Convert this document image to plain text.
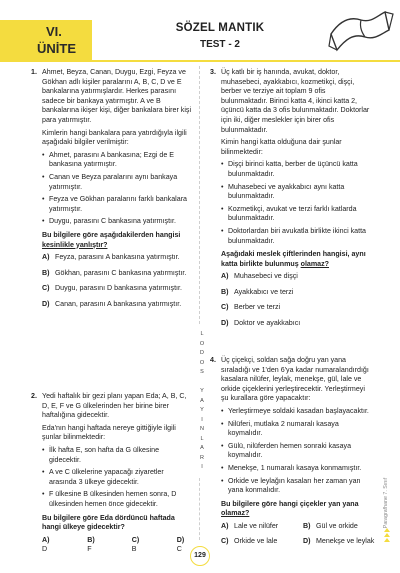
VI.
ÜNİTE
SÖZEL MANTIK
TEST - 2
1. Ahmet, Beyza, Canan, Duygu, Ezgi, Feyza ve Gökhan adlı kişiler paralarını A, B, C, D ve E bankalarına yatırmışlardır. Herkes parasını sadece bir bankaya yatırmıştır. A ve B bankalarına ikişer kişi, diğer bankalara birer kişi para yatırmıştır.

Kimlerin hangi bankalara para yatırdığıyla ilgili aşağıdaki bilgiler verilmiştir:

• Ahmet, parasını A bankasına; Ezgi de E bankasına yatırmıştır.
• Canan ve Beyza paralarını aynı bankaya yatırmıştır.
• Feyza ve Gökhan paralarını farklı bankalara yatırmıştır.
• Duygu, parasını C bankasına yatırmıştır.

Bu bilgilere göre aşağıdakilerden hangisi kesinlikle yanlıştır?

A) Feyza, parasını A bankasına yatırmıştır.
B) Gökhan, parasını C bankasına yatırmıştır.
C) Duygu, parasını D bankasına yatırmıştır.
D) Canan, parasını A bankasına yatırmıştır.
3. Üç katlı bir iş hanında, avukat, doktor, muhasebeci, ayakkabıcı, kozmetikçi, dişçi, berber ve terziye ait toplam 9 ofis bulunmaktadır. Birinci katta 4, ikinci katta 2, üçüncü katta da 3 ofis bulunmaktadır. Doktorlar için iki, diğer meslekler için birer ofis bulunmaktadır.

Kimin hangi katta olduğuna dair şunlar bilinmektedir:

• Dişçi birinci katta, berber de üçüncü katta bulunmaktadır.
• Muhasebeci ve ayakkabıcı aynı katta bulunmaktadır.
• Kozmetikçi, avukat ve terzi farklı katlarda bulunmaktadır.
• Doktorlardan biri avukatla birlikte ikinci katta bulunmaktadır.

Aşağıdaki meslek çiftlerinden hangisi, aynı katta birlikte bulunmuş olamaz?

A) Muhasebeci ve dişçi
B) Ayakkabıcı ve terzi
C) Berber ve terzi
D) Doktor ve ayakkabıcı
L
O
D
O
S

Y
A
Y
I
N
L
A
R
I
2. Yedi haftalık bir gezi planı yapan Eda; A, B, C, D, E, F ve G ülkelerinden her birine birer haftalığına gidecektir.

Eda'nın hangi haftada nereye gittiğiyle ilgili şunlar bilinmektedir:

• İlk hafta E, son hafta da G ülkesine gidecektir.
• A ve C ülkelerine yapacağı ziyaretler arasında 3 ülkeye gidecektir.
• F ülkesine B ülkesinden hemen sonra, D ülkesinden hemen önce gidecektir.

Bu bilgilere göre Eda dördüncü haftada hangi ülkeye gidecektir?

A)D
B)F
C)B
D)C
4. Üç çiçekçi, soldan sağa doğru yan yana sıraladığı ve 1'den 6'ya kadar numaralandırdığı kasalara nilüfer, leylak, menekşe, gül, lale ve orkide çiçeklerini yerleştirecektir. Yerleştirmeyi şu kurallara göre yapacaktır:

• Yerleştirmeye soldaki kasadan başlayacaktır.
• Nilüferi, mutlaka 2 numaralı kasaya koymalıdır.
• Gülü, nilüferden hemen sonraki kasaya koymalıdır.
• Menekşe, 1 numaralı kasaya konmamıştır.
• Orkide ve leylağın kasaları her zaman yan yana konmalıdır.

Bu bilgilere göre hangi çiçekler yan yana olamaz?

A) Lale ve nilüfer	B) Gül ve orkide
C) Orkide ve lale	D) Menekşe ve leylak
Paragrafhane 7. Sınıf
129
